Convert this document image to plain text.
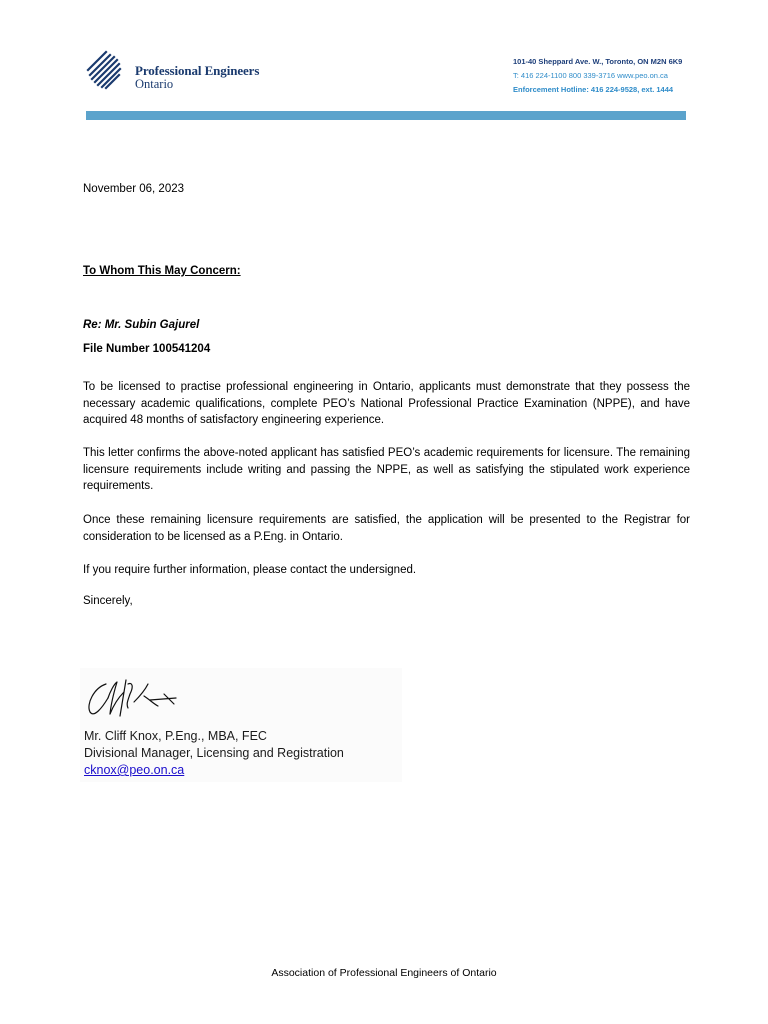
Professional Engineers
Ontario
101-40 Sheppard Ave. W., Toronto, ON M2N 6K9
T: 416 224-1100 800 339-3716 www.peo.on.ca
Enforcement Hotline: 416 224-9528, ext. 1444
November 06, 2023
To Whom This May Concern:
Re: Mr. Subin Gajurel
File Number 100541204
To be licensed to practise professional engineering in Ontario, applicants must demonstrate that they possess the necessary academic qualifications, complete PEO’s National Professional Practice Examination (NPPE), and have acquired 48 months of satisfactory engineering experience.
This letter confirms the above-noted applicant has satisfied PEO’s academic requirements for licensure. The remaining licensure requirements include writing and passing the NPPE, as well as satisfying the stipulated work experience requirements.
Once these remaining licensure requirements are satisfied, the application will be presented to the Registrar for consideration to be licensed as a P.Eng. in Ontario.
If you require further information, please contact the undersigned.
Sincerely,
Mr. Cliff Knox, P.Eng., MBA, FEC
Divisional Manager, Licensing and Registration
cknox@peo.on.ca
Association of Professional Engineers of Ontario
